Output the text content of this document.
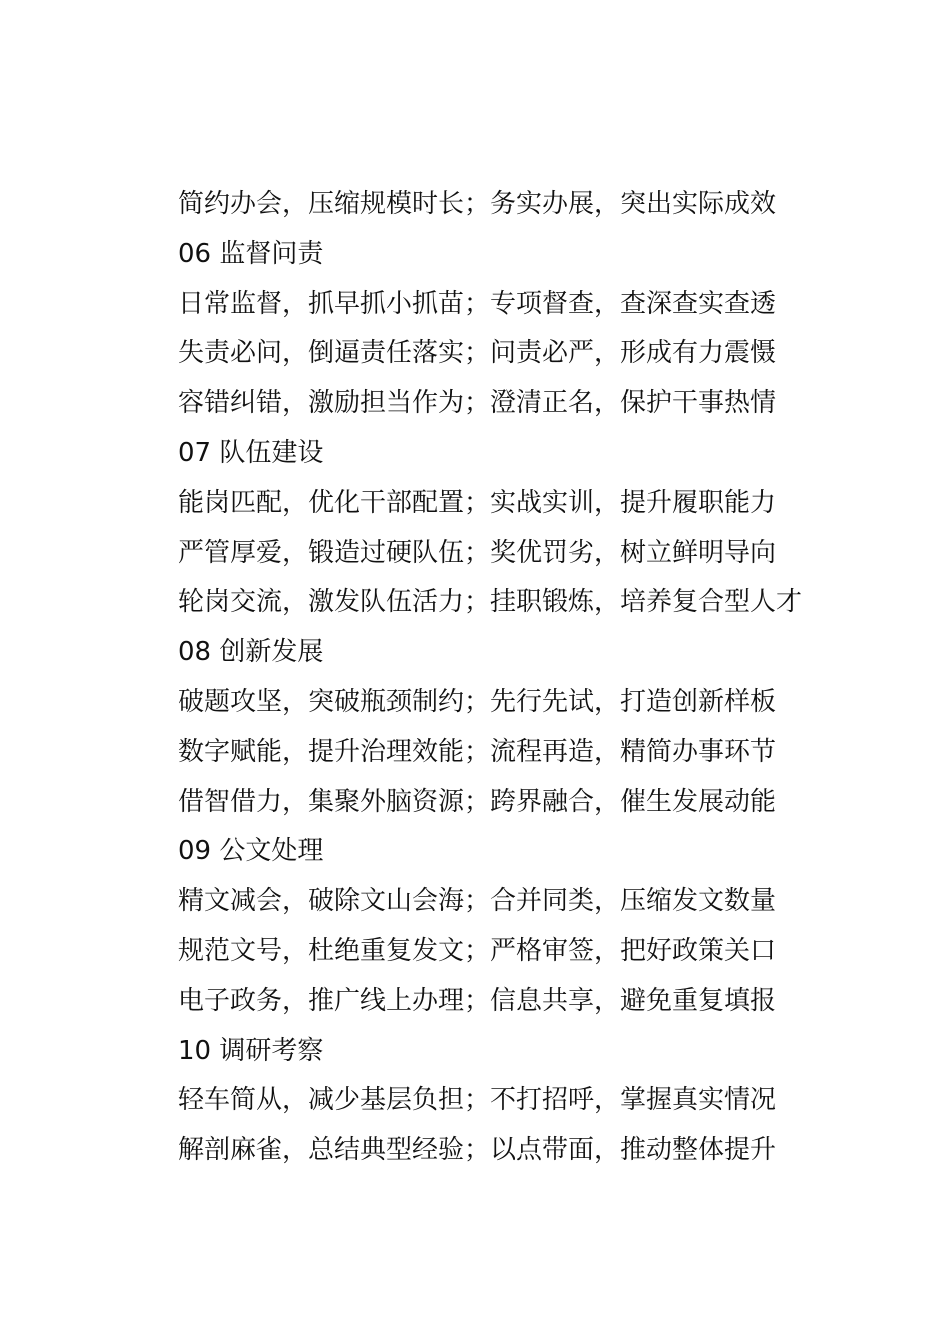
简约办会，压缩规模时长；务实办展，突出实际成效
06 监督问责
日常监督，抓早抓小抓苗；专项督查，查深查实查透
失责必问，倒逼责任落实；问责必严，形成有力震慑
容错纠错，激励担当作为；澄清正名，保护干事热情
07 队伍建设
能岗匹配，优化干部配置；实战实训，提升履职能力
严管厚爱，锻造过硬队伍；奖优罚劣，树立鲜明导向
轮岗交流，激发队伍活力；挂职锻炼，培养复合型人才
08 创新发展
破题攻坚，突破瓶颈制约；先行先试，打造创新样板
数字赋能，提升治理效能；流程再造，精简办事环节
借智借力，集聚外脑资源；跨界融合，催生发展动能
09 公文处理
精文减会，破除文山会海；合并同类，压缩发文数量
规范文号，杜绝重复发文；严格审签，把好政策关口
电子政务，推广线上办理；信息共享，避免重复填报
10 调研考察
轻车简从，减少基层负担；不打招呼，掌握真实情况
解剖麻雀，总结典型经验；以点带面，推动整体提升
